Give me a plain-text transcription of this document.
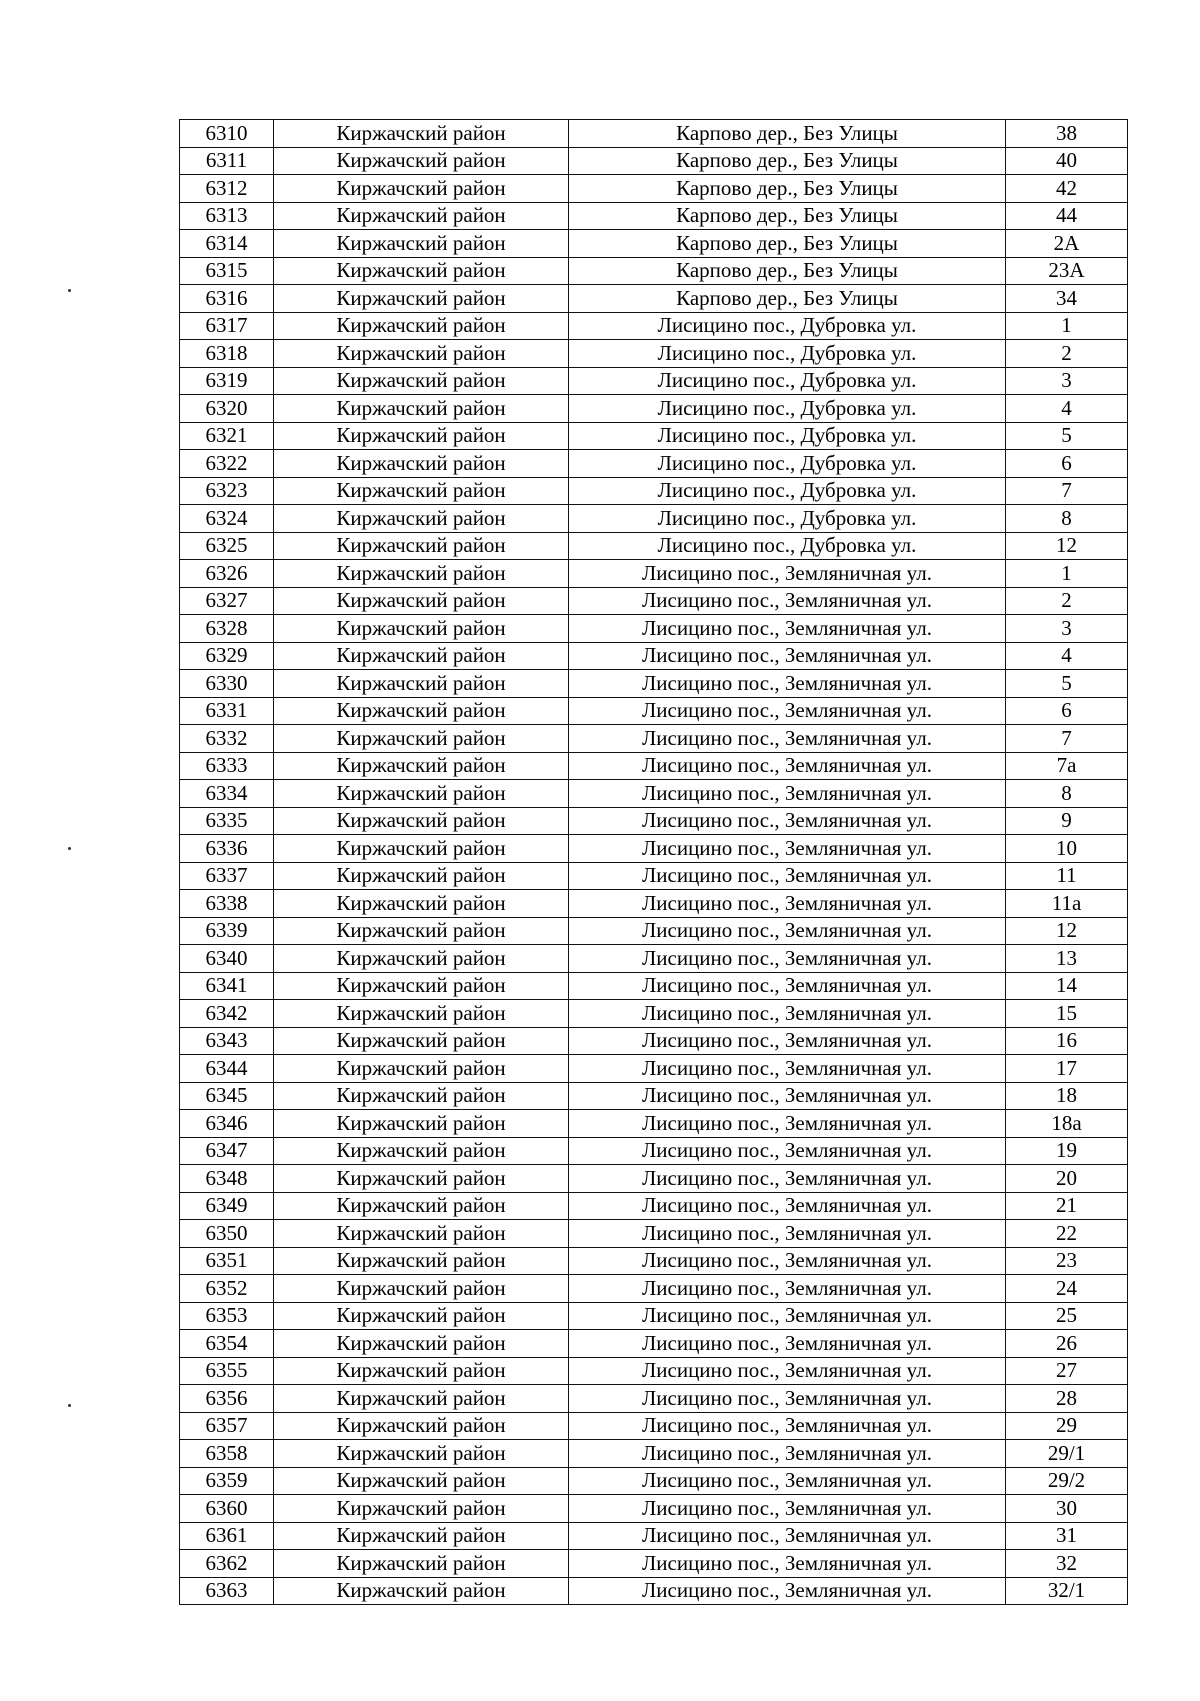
6310	Киржачский район	Карпово дер., Без Улицы	38
6311	Киржачский район	Карпово дер., Без Улицы	40
6312	Киржачский район	Карпово дер., Без Улицы	42
6313	Киржачский район	Карпово дер., Без Улицы	44
6314	Киржачский район	Карпово дер., Без Улицы	2А
6315	Киржачский район	Карпово дер., Без Улицы	23А
6316	Киржачский район	Карпово дер., Без Улицы	34
6317	Киржачский район	Лисицино пос., Дубровка ул.	1
6318	Киржачский район	Лисицино пос., Дубровка ул.	2
6319	Киржачский район	Лисицино пос., Дубровка ул.	3
6320	Киржачский район	Лисицино пос., Дубровка ул.	4
6321	Киржачский район	Лисицино пос., Дубровка ул.	5
6322	Киржачский район	Лисицино пос., Дубровка ул.	6
6323	Киржачский район	Лисицино пос., Дубровка ул.	7
6324	Киржачский район	Лисицино пос., Дубровка ул.	8
6325	Киржачский район	Лисицино пос., Дубровка ул.	12
6326	Киржачский район	Лисицино пос., Земляничная ул.	1
6327	Киржачский район	Лисицино пос., Земляничная ул.	2
6328	Киржачский район	Лисицино пос., Земляничная ул.	3
6329	Киржачский район	Лисицино пос., Земляничная ул.	4
6330	Киржачский район	Лисицино пос., Земляничная ул.	5
6331	Киржачский район	Лисицино пос., Земляничная ул.	6
6332	Киржачский район	Лисицино пос., Земляничная ул.	7
6333	Киржачский район	Лисицино пос., Земляничная ул.	7а
6334	Киржачский район	Лисицино пос., Земляничная ул.	8
6335	Киржачский район	Лисицино пос., Земляничная ул.	9
6336	Киржачский район	Лисицино пос., Земляничная ул.	10
6337	Киржачский район	Лисицино пос., Земляничная ул.	11
6338	Киржачский район	Лисицино пос., Земляничная ул.	11а
6339	Киржачский район	Лисицино пос., Земляничная ул.	12
6340	Киржачский район	Лисицино пос., Земляничная ул.	13
6341	Киржачский район	Лисицино пос., Земляничная ул.	14
6342	Киржачский район	Лисицино пос., Земляничная ул.	15
6343	Киржачский район	Лисицино пос., Земляничная ул.	16
6344	Киржачский район	Лисицино пос., Земляничная ул.	17
6345	Киржачский район	Лисицино пос., Земляничная ул.	18
6346	Киржачский район	Лисицино пос., Земляничная ул.	18а
6347	Киржачский район	Лисицино пос., Земляничная ул.	19
6348	Киржачский район	Лисицино пос., Земляничная ул.	20
6349	Киржачский район	Лисицино пос., Земляничная ул.	21
6350	Киржачский район	Лисицино пос., Земляничная ул.	22
6351	Киржачский район	Лисицино пос., Земляничная ул.	23
6352	Киржачский район	Лисицино пос., Земляничная ул.	24
6353	Киржачский район	Лисицино пос., Земляничная ул.	25
6354	Киржачский район	Лисицино пос., Земляничная ул.	26
6355	Киржачский район	Лисицино пос., Земляничная ул.	27
6356	Киржачский район	Лисицино пос., Земляничная ул.	28
6357	Киржачский район	Лисицино пос., Земляничная ул.	29
6358	Киржачский район	Лисицино пос., Земляничная ул.	29/1
6359	Киржачский район	Лисицино пос., Земляничная ул.	29/2
6360	Киржачский район	Лисицино пос., Земляничная ул.	30
6361	Киржачский район	Лисицино пос., Земляничная ул.	31
6362	Киржачский район	Лисицино пос., Земляничная ул.	32
6363	Киржачский район	Лисицино пос., Земляничная ул.	32/1
